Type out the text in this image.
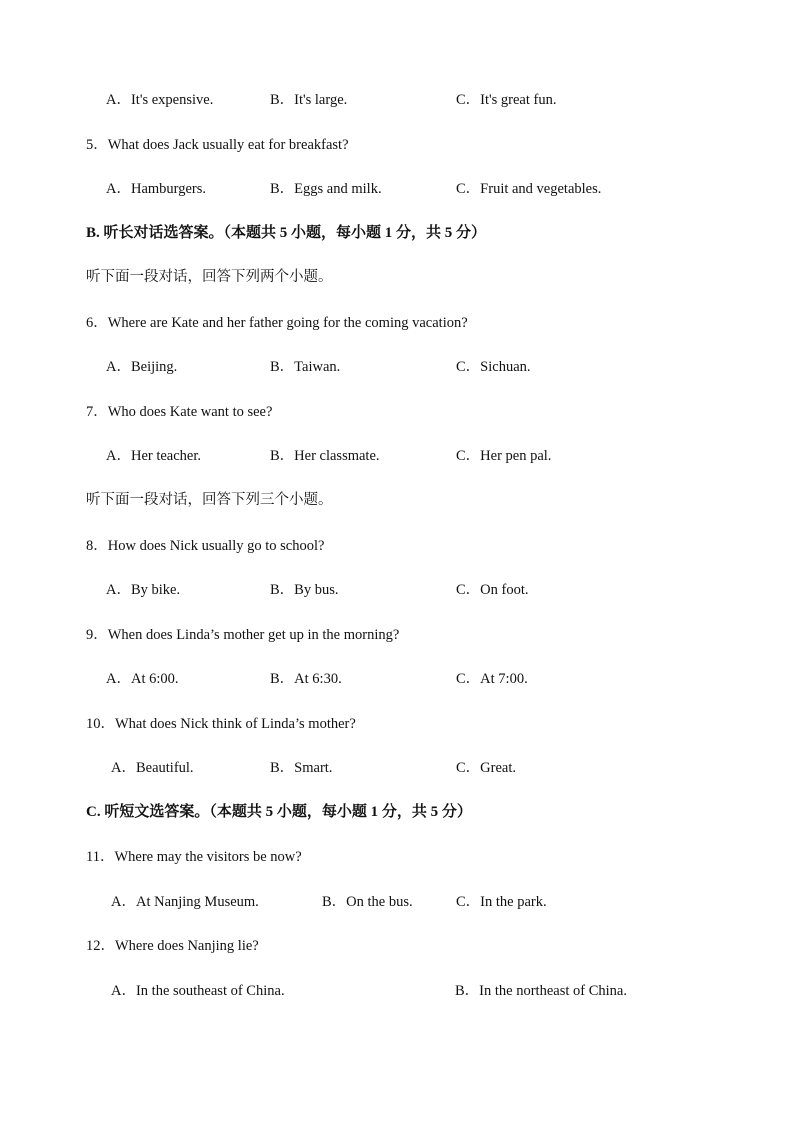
A．It's expensive.	B．It's large.	C．It's great fun.
5．What does Jack usually eat for breakfast?
A．Hamburgers.	B．Eggs and milk.	C．Fruit and vegetables.
B. 听长对话选答案。（本题共 5 小题，每小题 1 分，共 5 分）
听下面一段对话，回答下列两个小题。
6．Where are Kate and her father going for the coming vacation?
A．Beijing.	B．Taiwan.	C．Sichuan.
7．Who does Kate want to see?
A．Her teacher.	B．Her classmate.	C．Her pen pal.
听下面一段对话，回答下列三个小题。
8．How does Nick usually go to school?
A．By bike.	B．By bus.	C．On foot.
9．When does Linda’s mother get up in the morning?
A．At 6:00.	B．At 6:30.	C．At 7:00.
10．What does Nick think of Linda’s mother?
A．Beautiful.	B．Smart.	C．Great.
C. 听短文选答案。（本题共 5 小题，每小题 1 分，共 5 分）
11．Where may the visitors be now?
A．At Nanjing Museum.	B．On the bus.	C．In the park.
12．Where does Nanjing lie?
A．In the southeast of China.	B．In the northeast of China.
